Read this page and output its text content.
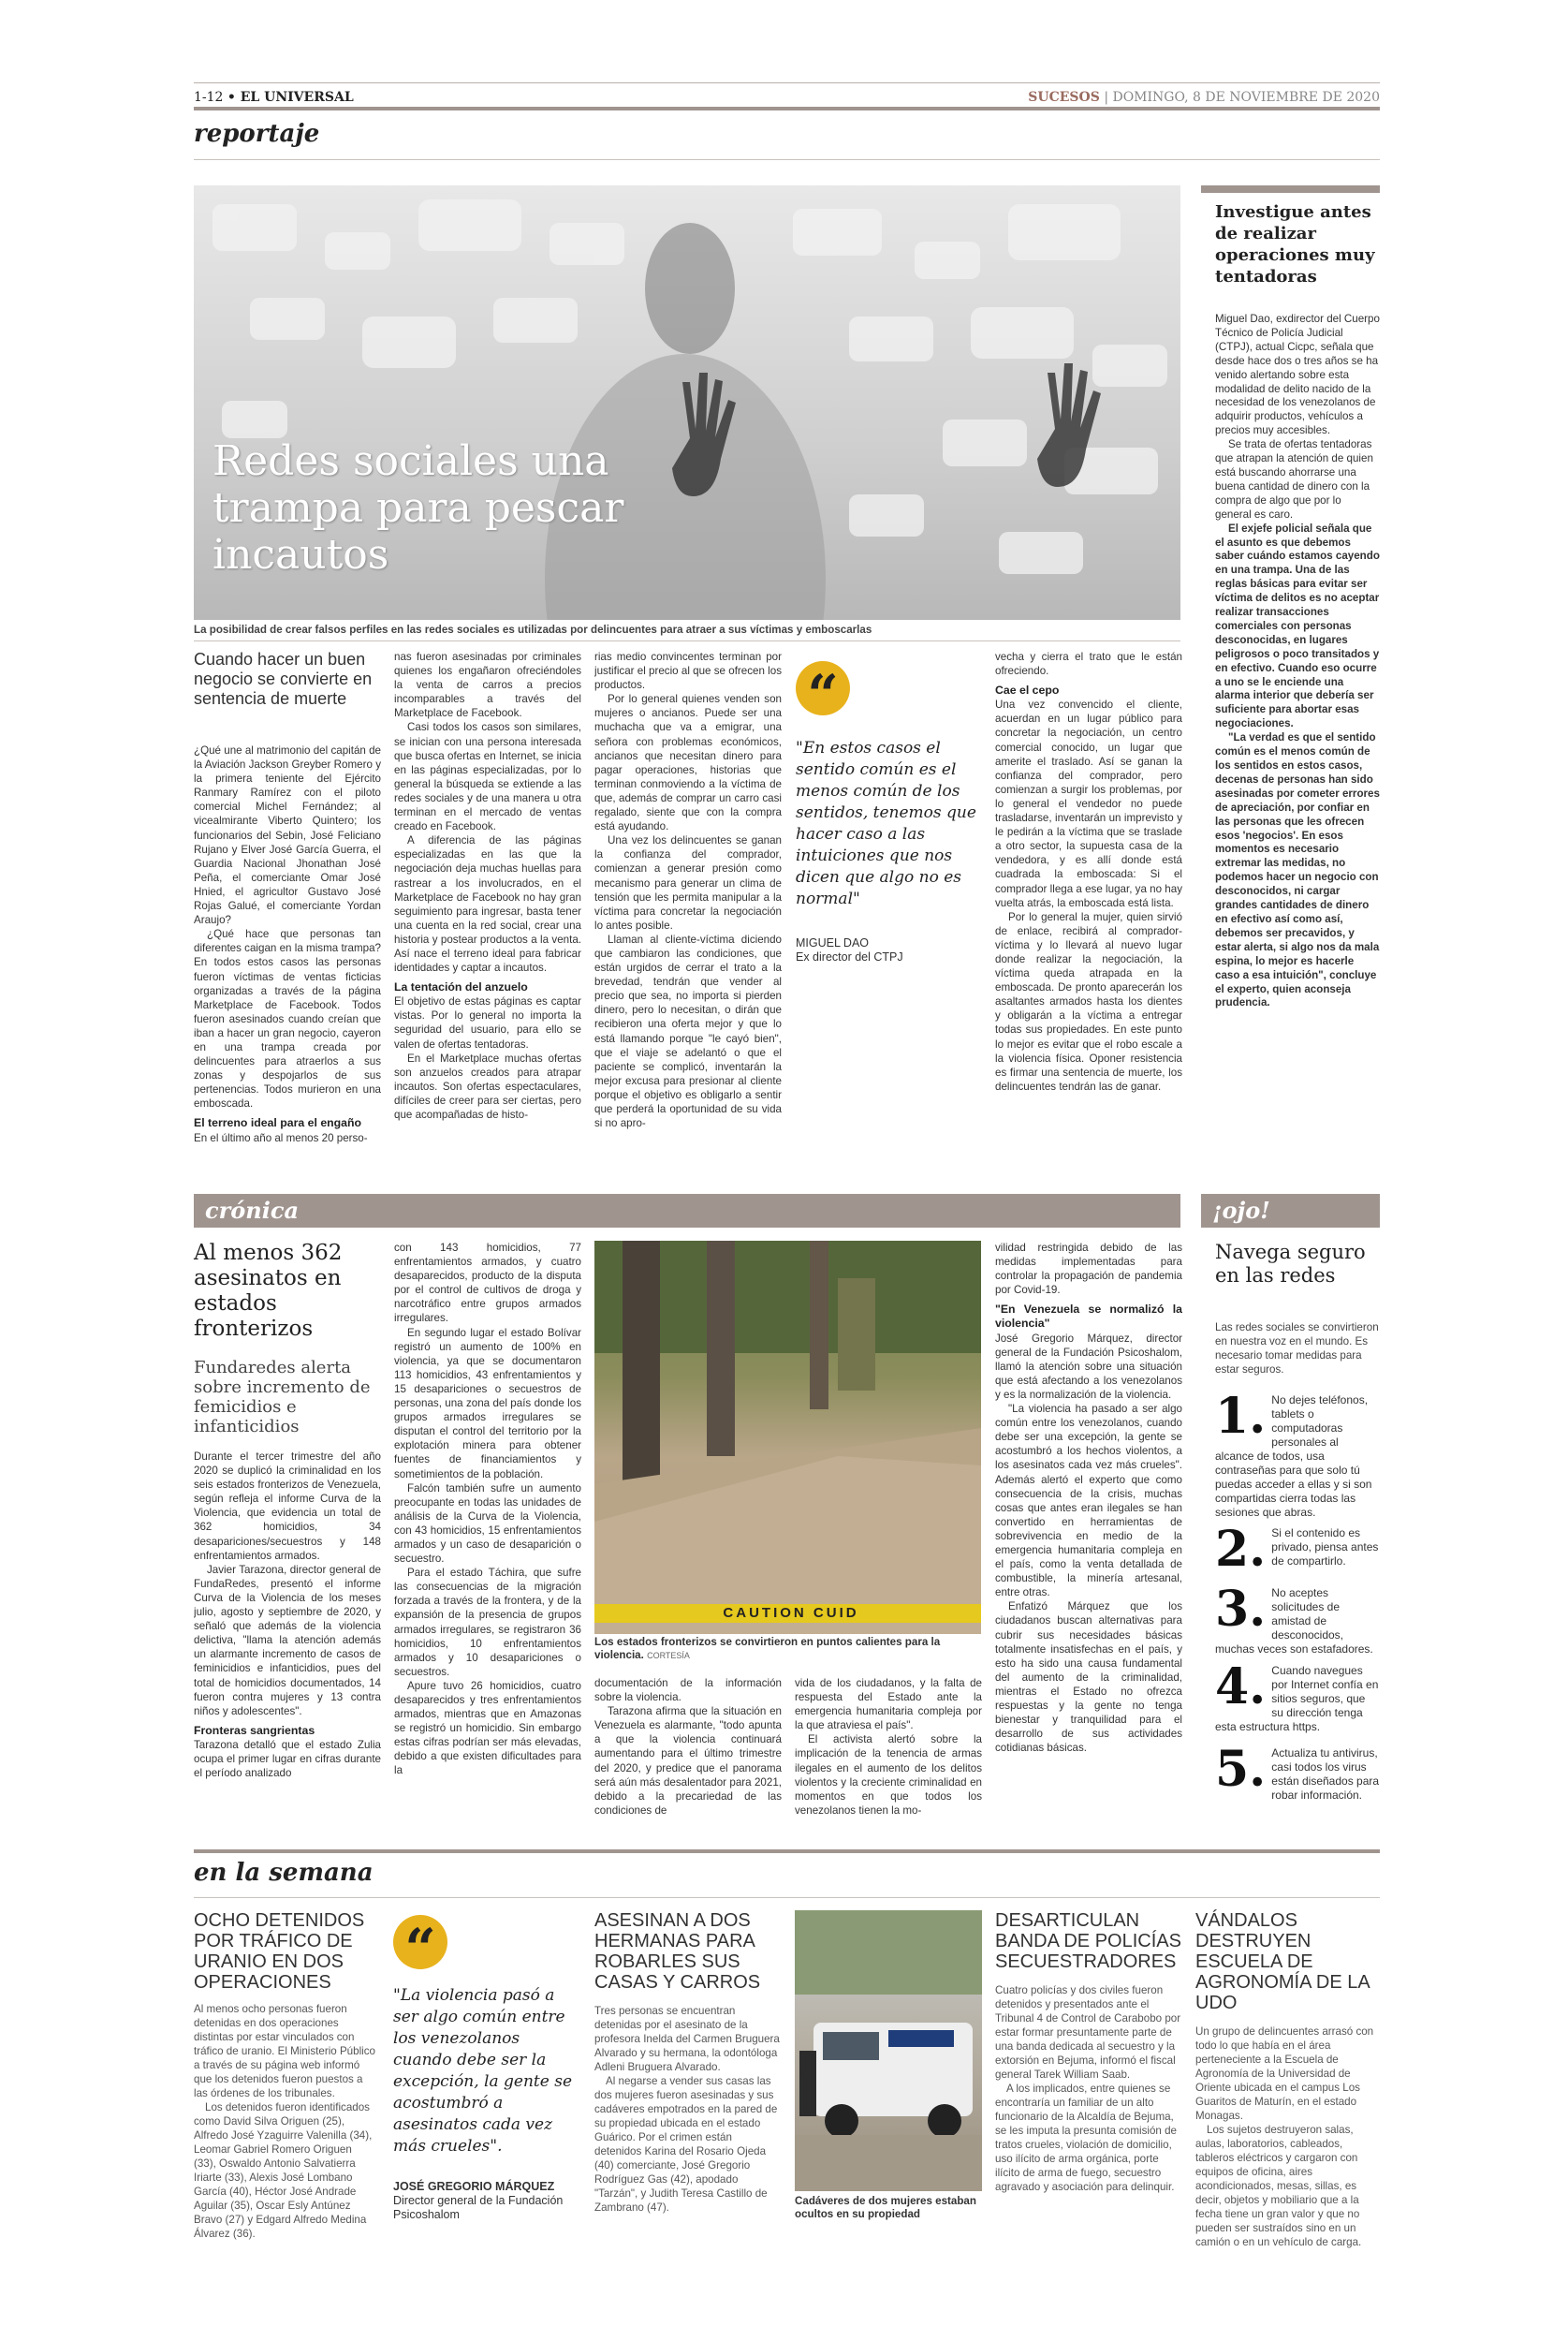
1-12 • EL UNIVERSAL	SUCESOS | DOMINGO, 8 DE NOVIEMBRE DE 2020
reportaje
Redes sociales una trampa para pescar incautos
La posibilidad de crear falsos perfiles en las redes sociales es utilizadas por delincuentes para atraer a sus víctimas y emboscarlas
Cuando hacer un buen negocio se convierte en sentencia de muerte

¿Qué une al matrimonio del capitán de la Aviación Jackson Greyber Romero y la primera teniente del Ejército Ranmary Ramírez con el piloto comercial Michel Fernández; al vicealmirante Viberto Quintero; los funcionarios del Sebin, José Feliciano Rujano y Elver José García Guerra, el Guardia Nacional Jhonathan José Peña, el comerciante Omar José Hnied, el agricultor Gustavo José Rojas Galué, el comerciante Yordan Araujo?

¿Qué hace que personas tan diferentes caigan en la misma trampa? En todos estos casos las personas fueron víctimas de ventas ficticias organizadas a través de la página Marketplace de Facebook. Todos fueron asesinados cuando creían que iban a hacer un gran negocio, cayeron en una trampa creada por delincuentes para atraerlos a sus zonas y despojarlos de sus pertenencias. Todos murieron en una emboscada.

El terreno ideal para el engaño

En el último año al menos 20 perso-

nas fueron asesinadas por criminales quienes los engañaron ofreciéndoles la venta de carros a precios incomparables a través del Marketplace de Facebook.

Casi todos los casos son similares, se inician con una persona interesada que busca ofertas en Internet, se inicia en las páginas especializadas, por lo general la búsqueda se extiende a las redes sociales y de una manera u otra terminan en el mercado de ventas creado en Facebook.

A diferencia de las páginas especializadas en las que la negociación deja muchas huellas para rastrear a los involucrados, en el Marketplace de Facebook no hay gran seguimiento para ingresar, basta tener una cuenta en la red social, crear una historia y postear productos a la venta. Así nace el terreno ideal para fabricar identidades y captar a incautos.

La tentación del anzuelo

El objetivo de estas páginas es captar vistas. Por lo general no importa la seguridad del usuario, para ello se valen de ofertas tentadoras.

En el Marketplace muchas ofertas son anzuelos creados para atrapar incautos. Son ofertas espectaculares, difíciles de creer para ser ciertas, pero que acompañadas de histo-

rias medio convincentes terminan por justificar el precio al que se ofrecen los productos.

Por lo general quienes venden son mujeres o ancianos. Puede ser una muchacha que va a emigrar, una señora con problemas económicos, ancianos que necesitan dinero para pagar operaciones, historias que terminan conmoviendo a la víctima de que, además de comprar un carro casi regalado, siente que con la compra está ayudando.

Una vez los delincuentes se ganan la confianza del comprador, comienzan a generar presión como mecanismo para generar un clima de tensión que les permita manipular a la víctima para concretar la negociación lo antes posible.

Llaman al cliente-víctima diciendo que cambiaron las condiciones, que están urgidos de cerrar el trato a la brevedad, tendrán que vender al precio que sea, no importa si pierden dinero, pero lo necesitan, o dirán que recibieron una oferta mejor y que lo está llamando porque "le cayó bien", que el viaje se adelantó o que el paciente se complicó, inventarán la mejor excusa para presionar al cliente porque el objetivo es obligarlo a sentir que perderá la oportunidad de su vida si no apro-

“
"En estos casos el sentido común es el menos común de los sentidos, tenemos que hacer caso a las intuiciones que nos dicen que algo no es normal"
MIGUEL DAO
Ex director del CTPJ

vecha y cierra el trato que le están ofreciendo.

Cae el cepo

Una vez convencido el cliente, acuerdan en un lugar público para concretar la negociación, un centro comercial conocido, un lugar que amerite el traslado. Así se ganan la confianza del comprador, pero comienzan a surgir los problemas, por lo general el vendedor no puede trasladarse, inventarán un imprevisto y le pedirán a la víctima que se traslade a otro sector, la supuesta casa de la vendedora, y es allí donde está cuadrada la emboscada: Si el comprador llega a ese lugar, ya no hay vuelta atrás, la emboscada está lista.

Por lo general la mujer, quien sirvió de enlace, recibirá al comprador-víctima y lo llevará al nuevo lugar donde realizar la negociación, la víctima queda atrapada en la emboscada. De pronto aparecerán los asaltantes armados hasta los dientes y obligarán a la víctima a entregar todas sus propiedades. En este punto lo mejor es evitar que el robo escale a la violencia física. Oponer resistencia es firmar una sentencia de muerte, los delincuentes tendrán las de ganar.

Investigue antes de realizar operaciones muy tentadoras

Miguel Dao, exdirector del Cuerpo Técnico de Policía Judicial (CTPJ), actual Cicpc, señala que desde hace dos o tres años se ha venido alertando sobre esta modalidad de delito nacido de la necesidad de los venezolanos de adquirir productos, vehículos a precios muy accesibles.

Se trata de ofertas tentadoras que atrapan la atención de quien está buscando ahorrarse una buena cantidad de dinero con la compra de algo que por lo general es caro.

El exjefe policial señala que el asunto es que debemos saber cuándo estamos cayendo en una trampa. Una de las reglas básicas para evitar ser víctima de delitos es no aceptar realizar transacciones comerciales con personas desconocidas, en lugares peligrosos o poco transitados y en efectivo. Cuando eso ocurre a uno se le enciende una alarma interior que debería ser suficiente para abortar esas negociaciones.

"La verdad es que el sentido común es el menos común de los sentidos en estos casos, decenas de personas han sido asesinadas por cometer errores de apreciación, por confiar en las personas que les ofrecen esos 'negocios'. En esos momentos es necesario extremar las medidas, no podemos hacer un negocio con desconocidos, ni cargar grandes cantidades de dinero en efectivo así como así, debemos ser precavidos, y estar alerta, si algo nos da mala espina, lo mejor es hacerle caso a esa intuición", concluye el experto, quien aconseja prudencia.

crónica	¡ojo!
Al menos 362 asesinatos en estados fronterizos
Fundaredes alerta sobre incremento de femicidios e infanticidios

Durante el tercer trimestre del año 2020 se duplicó la criminalidad en los seis estados fronterizos de Venezuela, según refleja el informe Curva de la Violencia, que evidencia un total de 362 homicidios, 34 desapariciones/secuestros y 148 enfrentamientos armados.

Javier Tarazona, director general de FundaRedes, presentó el informe Curva de la Violencia de los meses julio, agosto y septiembre de 2020, y señaló que además de la violencia delictiva, "llama la atención además un alarmante incremento de casos de feminicidios e infanticidios, pues del total de homicidios documentados, 14 fueron contra mujeres y 13 contra niños y adolescentes".

Fronteras sangrientas

Tarazona detalló que el estado Zulia ocupa el primer lugar en cifras durante el período analizado

con 143 homicidios, 77 enfrentamientos armados, y cuatro desaparecidos, producto de la disputa por el control de cultivos de droga y narcotráfico entre grupos armados irregulares.

En segundo lugar el estado Bolívar registró un aumento de 100% en violencia, ya que se documentaron 113 homicidios, 43 enfrentamientos y 15 desapariciones o secuestros de personas, una zona del país donde los grupos armados irregulares se disputan el control del territorio por la explotación minera para obtener fuentes de financiamientos y sometimientos de la población.

Falcón también sufre un aumento preocupante en todas las unidades de análisis de la Curva de la Violencia, con 43 homicidios, 15 enfrentamientos armados y un caso de desaparición o secuestro.

Para el estado Táchira, que sufre las consecuencias de la migración forzada a través de la frontera, y de la expansión de la presencia de grupos armados irregulares, se registraron 36 homicidios, 10 enfrentamientos armados y 10 desapariciones o secuestros.

Apure tuvo 26 homicidios, cuatro desaparecidos y tres enfrentamientos armados, mientras que en Amazonas se registró un homicidio. Sin embargo estas cifras podrían ser más elevadas, debido a que existen dificultades para la

CAUTION CUID
Los estados fronterizos se convirtieron en puntos calientes para la violencia. CORTESÍA

documentación de la información sobre la violencia.

Tarazona afirma que la situación en Venezuela es alarmante, "todo apunta a que la violencia continuará aumentando para el último trimestre del 2020, y predice que el panorama será aún más desalentador para 2021, debido a la precariedad de las condiciones de

vida de los ciudadanos, y la falta de respuesta del Estado ante la emergencia humanitaria compleja por la que atraviesa el país".

El activista alertó sobre la implicación de la tenencia de armas ilegales en el aumento de los delitos violentos y la creciente criminalidad en momentos en que todos los venezolanos tienen la mo-

vilidad restringida debido de las medidas implementadas para controlar la propagación de pandemia por Covid-19.

"En Venezuela se normalizó la violencia"

José Gregorio Márquez, director general de la Fundación Psicoshalom, llamó la atención sobre una situación que está afectando a los venezolanos y es la normalización de la violencia.

"La violencia ha pasado a ser algo común entre los venezolanos, cuando debe ser una excepción, la gente se acostumbró a los hechos violentos, a los asesinatos cada vez más crueles". Además alertó el experto que como consecuencia de la crisis, muchas cosas que antes eran ilegales se han convertido en herramientas de sobrevivencia en medio de la emergencia humanitaria compleja en el país, como la venta detallada de combustible, la minería artesanal, entre otras.

Enfatizó Márquez que los ciudadanos buscan alternativas para cubrir sus necesidades básicas totalmente insatisfechas en el país, y esto ha sido una causa fundamental del aumento de la criminalidad, mientras el Estado no ofrezca respuestas y la gente no tenga bienestar y tranquilidad para el desarrollo de sus actividades cotidianas básicas.

Navega seguro en las redes
Las redes sociales se convirtieron en nuestra voz en el mundo. Es necesario tomar medidas para estar seguros.
1. No dejes teléfonos, tablets o computadoras personales al alcance de todos, usa contraseñas para que solo tú puedas acceder a ellas y si son compartidas cierra todas las sesiones que abras.
2. Si el contenido es privado, piensa antes de compartirlo.
3. No aceptes solicitudes de amistad de desconocidos, muchas veces son estafadores.
4. Cuando navegues por Internet confía en sitios seguros, que su dirección tenga esta estructura https.
5. Actualiza tu antivirus, casi todos los virus están diseñados para robar información.
en la semana
OCHO DETENIDOS POR TRÁFICO DE URANIO EN DOS OPERACIONES

Al menos ocho personas fueron detenidas en dos operaciones distintas por estar vinculados con tráfico de uranio. El Ministerio Público a través de su página web informó que los detenidos fueron puestos a las órdenes de los tribunales.

Los detenidos fueron identificados como David Silva Origuen (25), Alfredo José Yzaguirre Valenilla (34), Leomar Gabriel Romero Origuen (33), Oswaldo Antonio Salvatierra Iriarte (33), Alexis José Lombano García (40), Héctor José Andrade Aguilar (35), Oscar Esly Antúnez Bravo (27) y Edgard Alfredo Medina Álvarez (36).

“
"La violencia pasó a ser algo común entre los venezolanos cuando debe ser la excepción, la gente se acostumbró a asesinatos cada vez más crueles".
JOSÉ GREGORIO MÁRQUEZ
Director general de la Fundación Psicoshalom
ASESINAN A DOS HERMANAS PARA ROBARLES SUS CASAS Y CARROS

Tres personas se encuentran detenidas por el asesinato de la profesora Inelda del Carmen Bruguera Alvarado y su hermana, la odontóloga Adleni Bruguera Alvarado.

Al negarse a vender sus casas las dos mujeres fueron asesinadas y sus cadáveres empotrados en la pared de su propiedad ubicada en el estado Guárico. Por el crimen están detenidos Karina del Rosario Ojeda (40) comerciante, José Gregorio Rodríguez Gas (42), apodado "Tarzán", y Judith Teresa Castillo de Zambrano (47).

Cadáveres de dos mujeres estaban ocultos en su propiedad
DESARTICULAN BANDA DE POLICÍAS SECUESTRADORES

Cuatro policías y dos civiles fueron detenidos y presentados ante el Tribunal 4 de Control de Carabobo por estar formar presuntamente parte de una banda dedicada al secuestro y la extorsión en Bejuma, informó el fiscal general Tarek William Saab.

A los implicados, entre quienes se encontraría un familiar de un alto funcionario de la Alcaldía de Bejuma, se les imputa la presunta comisión de tratos crueles, violación de domicilio, uso ilícito de arma orgánica, porte ilícito de arma de fuego, secuestro agravado y asociación para delinquir.

VÁNDALOS DESTRUYEN ESCUELA DE AGRONOMÍA DE LA UDO

Un grupo de delincuentes arrasó con todo lo que había en el área perteneciente a la Escuela de Agronomía de la Universidad de Oriente ubicada en el campus Los Guaritos de Maturín, en el estado Monagas.

Los sujetos destruyeron salas, aulas, laboratorios, cableados, tableros eléctricos y cargaron con equipos de oficina, aires acondicionados, mesas, sillas, es decir, objetos y mobiliario que a la fecha tiene un gran valor y que no pueden ser sustraídos sino en un camión o en un vehículo de carga.
